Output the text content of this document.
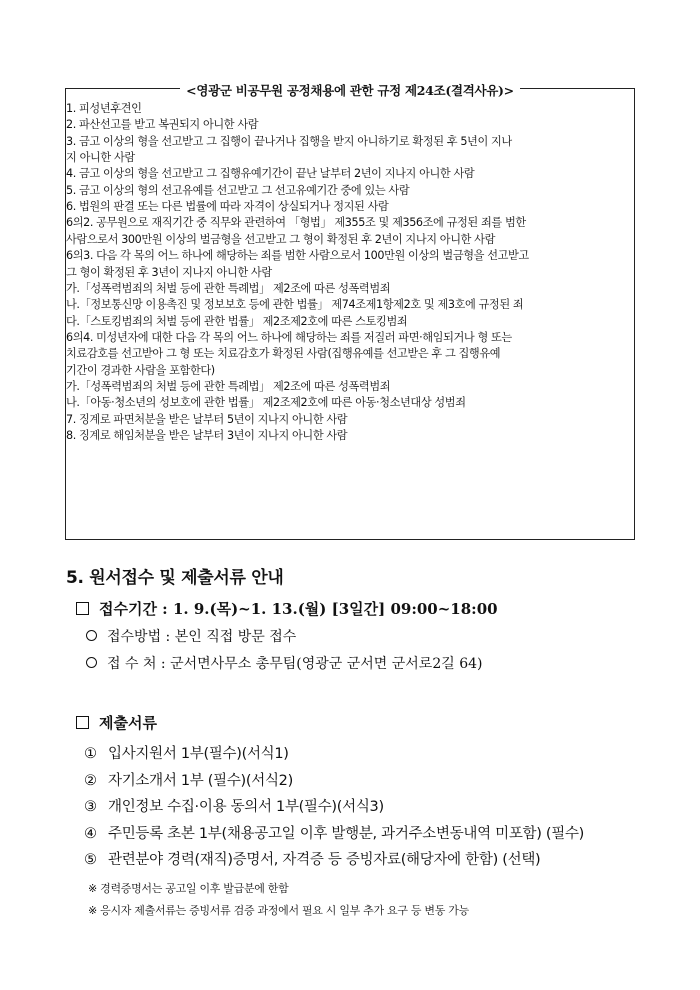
<영광군 비공무원 공정채용에 관한 규정 제24조(결격사유)>
1. 피성년후견인
2. 파산선고를 받고 복권되지 아니한 사람
3. 금고 이상의 형을 선고받고 그 집행이 끝나거나 집행을 받지 아니하기로 확정된 후 5년이 지나
지 아니한 사람
4. 금고 이상의 형을 선고받고 그 집행유예기간이 끝난 날부터 2년이 지나지 아니한 사람
5. 금고 이상의 형의 선고유예를 선고받고 그 선고유예기간 중에 있는 사람
6. 법원의 판결 또는 다른 법률에 따라 자격이 상실되거나 정지된 사람
6의2. 공무원으로 재직기간 중 직무와 관련하여 「형법」 제355조 및 제356조에 규정된 죄를 범한
사람으로서 300만원 이상의 벌금형을 선고받고 그 형이 확정된 후 2년이 지나지 아니한 사람
6의3. 다음 각 목의 어느 하나에 해당하는 죄를 범한 사람으로서 100만원 이상의 벌금형을 선고받고
그 형이 확정된 후 3년이 지나지 아니한 사람
가.「성폭력범죄의 처벌 등에 관한 특례법」 제2조에 따른 성폭력범죄
나.「정보통신망 이용촉진 및 정보보호 등에 관한 법률」 제74조제1항제2호 및 제3호에 규정된 죄
다.「스토킹범죄의 처벌 등에 관한 법률」 제2조제2호에 따른 스토킹범죄
6의4. 미성년자에 대한 다음 각 목의 어느 하나에 해당하는 죄를 저질러 파면·해임되거나 형 또는
치료감호를 선고받아 그 형 또는 치료감호가 확정된 사람(집행유예를 선고받은 후 그 집행유예
기간이 경과한 사람을 포함한다)
가.「성폭력범죄의 처벌 등에 관한 특례법」 제2조에 따른 성폭력범죄
나.「아동·청소년의 성보호에 관한 법률」 제2조제2호에 따른 아동·청소년대상 성범죄
7. 징계로 파면처분을 받은 날부터 5년이 지나지 아니한 사람
8. 징계로 해임처분을 받은 날부터 3년이 지나지 아니한 사람
5. 원서접수 및 제출서류 안내
접수기간 : 1. 9.(목)~1. 13.(월) [3일간] 09:00~18:00
접수방법 : 본인 직접 방문 접수
접 수 처 : 군서면사무소 총무팀(영광군 군서면 군서로2길 64)
제출서류
① 입사지원서 1부(필수)(서식1)
② 자기소개서 1부 (필수)(서식2)
③ 개인정보 수집·이용 동의서 1부(필수)(서식3)
④ 주민등록 초본 1부(채용공고일 이후 발행분, 과거주소변동내역 미포함) (필수)
⑤ 관련분야 경력(재직)증명서, 자격증 등 증빙자료(해당자에 한함) (선택)
※ 경력증명서는 공고일 이후 발급분에 한함
※ 응시자 제출서류는 증빙서류 검증 과정에서 필요 시 일부 추가 요구 등 변동 가능
